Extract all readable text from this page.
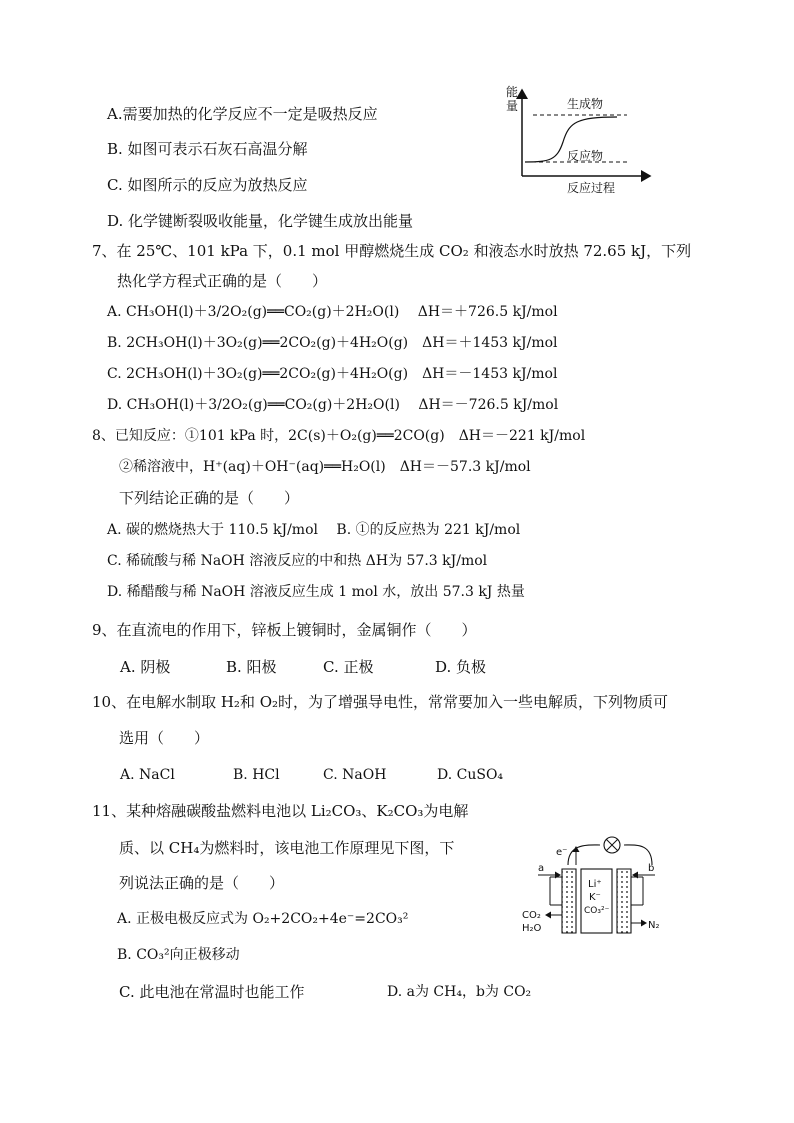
A.需要加热的化学反应不一定是吸热反应
B. 如图可表示石灰石高温分解
C. 如图所示的反应为放热反应
D. 化学键断裂吸收能量，化学键生成放出能量
能
量	生成物
反应物
反应过程
7、在 25℃、101 kPa 下，0.1 mol 甲醇燃烧生成 CO₂ 和液态水时放热 72.65 kJ，下列
热化学方程式正确的是（　　）
A. CH₃OH(l)＋3/2O₂(g)══CO₂(g)＋2H₂O(l)　 ΔH＝＋726.5 kJ/mol
B. 2CH₃OH(l)＋3O₂(g)══2CO₂(g)＋4H₂O(g)　ΔH＝＋1453 kJ/mol
C. 2CH₃OH(l)＋3O₂(g)══2CO₂(g)＋4H₂O(g)　ΔH＝－1453 kJ/mol
D. CH₃OH(l)＋3/2O₂(g)══CO₂(g)＋2H₂O(l)　 ΔH＝－726.5 kJ/mol
8、已知反应：①101 kPa 时，2C(s)＋O₂(g)══2CO(g)　ΔH＝－221 kJ/mol
②稀溶液中，H⁺(aq)＋OH⁻(aq)══H₂O(l)　ΔH＝－57.3 kJ/mol
下列结论正确的是（　　）
A. 碳的燃烧热大于 110.5 kJ/mol　 B. ①的反应热为 221 kJ/mol
C. 稀硫酸与稀 NaOH 溶液反应的中和热 ΔH为 57.3 kJ/mol
D. 稀醋酸与稀 NaOH 溶液反应生成 1 mol 水，放出 57.3 kJ 热量
9、在直流电的作用下，锌板上镀铜时，金属铜作（　　）
A. 阴极	B. 阳极	C. 正极	D. 负极
10、在电解水制取 H₂和 O₂时，为了增强导电性，常常要加入一些电解质，下列物质可
选用（　　）
A. NaCl	B. HCl	C. NaOH	D. CuSO₄
11、某种熔融碳酸盐燃料电池以 Li₂CO₃、K₂CO₃为电解
质、以 CH₄为燃料时，该电池工作原理见下图，下
列说法正确的是（　　）
A. 正极电极反应式为 O₂+2CO₂+4e⁻=2CO₃²
B. CO₃²向正极移动
C. 此电池在常温时也能工作	D. a为 CH₄，b为 CO₂
e⁻
a	b
CO₂
H₂O	N₂
Li⁺
K⁻
CO₃²⁻
